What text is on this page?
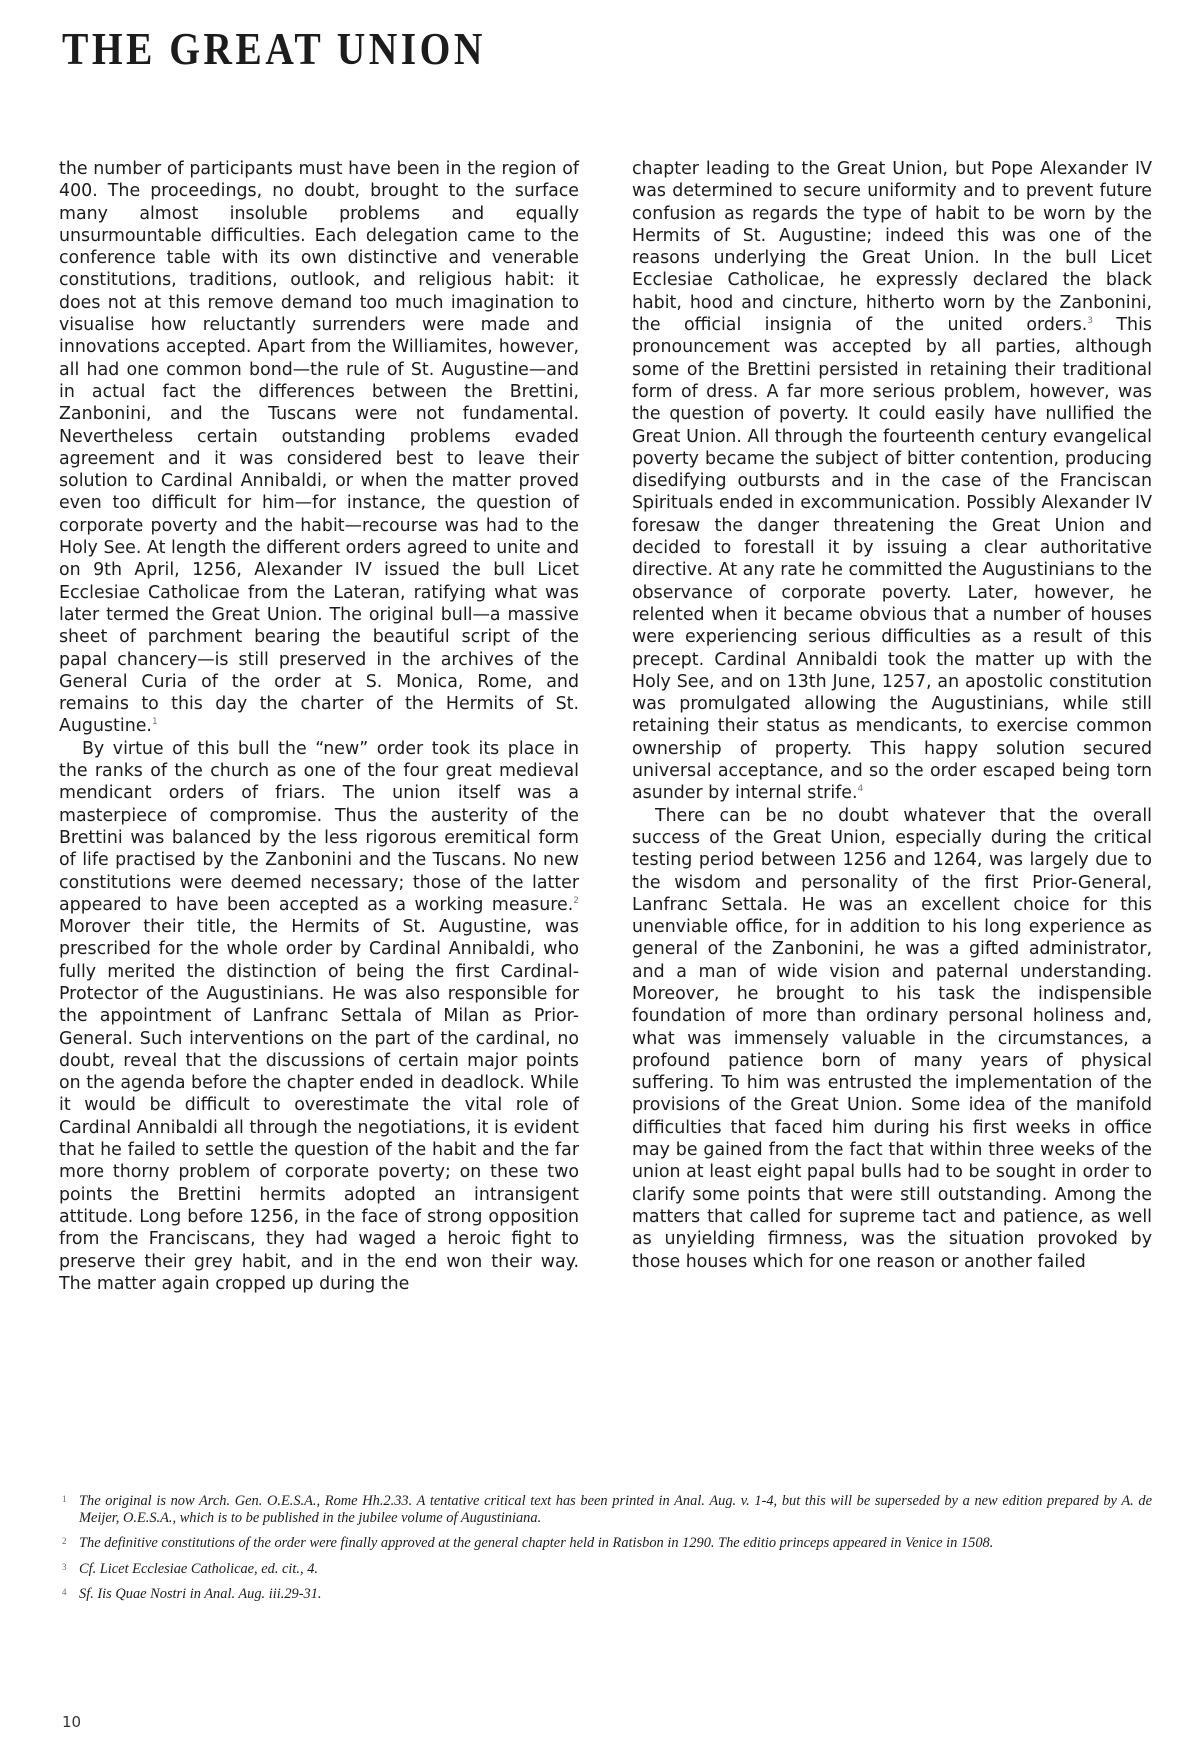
THE GREAT UNION

the number of participants must have been in the region of 400. The proceedings, no doubt, brought to the surface many almost insoluble problems and equally unsurmountable difficulties. Each delegation came to the conference table with its own distinctive and venerable constitutions, traditions, outlook, and religious habit: it does not at this remove demand too much imagination to visualise how reluctantly surrenders were made and innovations accepted. Apart from the Williamites, however, all had one common bond—the rule of St. Augustine—and in actual fact the differences between the Brettini, Zanbonini, and the Tuscans were not fundamental. Nevertheless certain outstanding problems evaded agreement and it was considered best to leave their solution to Cardinal Annibaldi, or when the matter proved even too difficult for him—for instance, the question of corporate poverty and the habit—recourse was had to the Holy See. At length the different orders agreed to unite and on 9th April, 1256, Alexander IV issued the bull Licet Ecclesiae Catholicae from the Lateran, ratifying what was later termed the Great Union. The original bull—a massive sheet of parchment bearing the beautiful script of the papal chancery—is still preserved in the archives of the General Curia of the order at S. Monica, Rome, and remains to this day the charter of the Hermits of St. Augustine.$^1$

By virtue of this bull the “new” order took its place in the ranks of the church as one of the four great medieval mendicant orders of friars. The union itself was a masterpiece of compromise. Thus the austerity of the Brettini was balanced by the less rigorous eremitical form of life practised by the Zanbonini and the Tuscans. No new constitutions were deemed necessary; those of the latter appeared to have been accepted as a working measure.$^2$ Morover their title, the Hermits of St. Augustine, was prescribed for the whole order by Cardinal Annibaldi, who fully merited the distinction of being the first Cardinal-Protector of the Augustinians. He was also responsible for the appointment of Lanfranc Settala of Milan as Prior-General. Such interventions on the part of the cardinal, no doubt, reveal that the discussions of certain major points on the agenda before the chapter ended in deadlock. While it would be difficult to overestimate the vital role of Cardinal Annibaldi all through the negotiations, it is evident that he failed to settle the question of the habit and the far more thorny problem of corporate poverty; on these two points the Brettini hermits adopted an intransigent attitude. Long before 1256, in the face of strong opposition from the Franciscans, they had waged a heroic fight to preserve their grey habit, and in the end won their way. The matter again cropped up during the

chapter leading to the Great Union, but Pope Alexander IV was determined to secure uniformity and to prevent future confusion as regards the type of habit to be worn by the Hermits of St. Augustine; indeed this was one of the reasons underlying the Great Union. In the bull Licet Ecclesiae Catholicae, he expressly declared the black habit, hood and cincture, hitherto worn by the Zanbonini, the official insignia of the united orders.$^3$ This pronouncement was accepted by all parties, although some of the Brettini persisted in retaining their traditional form of dress. A far more serious problem, however, was the question of poverty. It could easily have nullified the Great Union. All through the fourteenth century evangelical poverty became the subject of bitter contention, producing disedifying outbursts and in the case of the Franciscan Spirituals ended in excommunication. Possibly Alexander IV foresaw the danger threatening the Great Union and decided to forestall it by issuing a clear authoritative directive. At any rate he committed the Augustinians to the observance of corporate poverty. Later, however, he relented when it became obvious that a number of houses were experiencing serious difficulties as a result of this precept. Cardinal Annibaldi took the matter up with the Holy See, and on 13th June, 1257, an apostolic constitution was promulgated allowing the Augustinians, while still retaining their status as mendicants, to exercise common ownership of property. This happy solution secured universal acceptance, and so the order escaped being torn asunder by internal strife.$^4$

There can be no doubt whatever that the overall success of the Great Union, especially during the critical testing period between 1256 and 1264, was largely due to the wisdom and personality of the first Prior-General, Lanfranc Settala. He was an excellent choice for this unenviable office, for in addition to his long experience as general of the Zanbonini, he was a gifted administrator, and a man of wide vision and paternal understanding. Moreover, he brought to his task the indispensible foundation of more than ordinary personal holiness and, what was immensely valuable in the circumstances, a profound patience born of many years of physical suffering. To him was entrusted the implementation of the provisions of the Great Union. Some idea of the manifold difficulties that faced him during his first weeks in office may be gained from the fact that within three weeks of the union at least eight papal bulls had to be sought in order to clarify some points that were still outstanding. Among the matters that called for supreme tact and patience, as well as unyielding firmness, was the situation provoked by those houses which for one reason or another failed

1 The original is now Arch. Gen. O.E.S.A., Rome Hh.2.33. A tentative critical text has been printed in Anal. Aug. v. 1-4, but this will be superseded by a new edition prepared by A. de Meijer, O.E.S.A., which is to be published in the jubilee volume of Augustiniana.
2 The definitive constitutions of the order were finally approved at the general chapter held in Ratisbon in 1290. The editio princeps appeared in Venice in 1508.
3 Cf. Licet Ecclesiae Catholicae, ed. cit., 4.
4 Sf. Iis Quae Nostri in Anal. Aug. iii.29-31.
10
